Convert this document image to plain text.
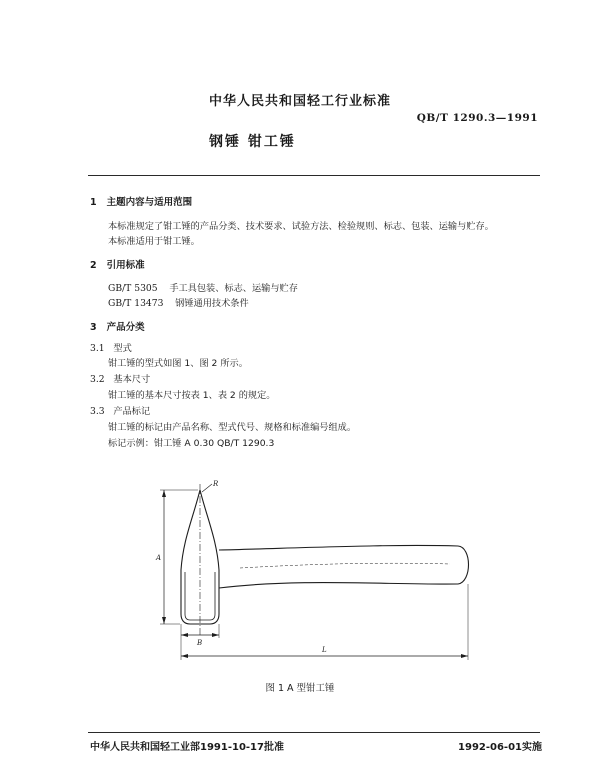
中华人民共和国轻工行业标准
QB/T 1290.3—1991
钢锤 钳工锤
1 主题内容与适用范围
本标准规定了钳工锤的产品分类、技术要求、试验方法、检验规则、标志、包装、运输与贮存。
本标准适用于钳工锤。
2 引用标准
GB/T 5305 手工具包装、标志、运输与贮存
GB/T 13473 钢锤通用技术条件
3 产品分类
3.1 型式
钳工锤的型式如图 1、图 2 所示。
3.2 基本尺寸
钳工锤的基本尺寸按表 1、表 2 的规定。
3.3 产品标记
钳工锤的标记由产品名称、型式代号、规格和标准编号组成。
标记示例：钳工锤 A 0.30 QB/T 1290.3
R
A
B
L
图 1 A 型钳工锤
中华人民共和国轻工业部1991-10-17批准	1992-06-01实施
